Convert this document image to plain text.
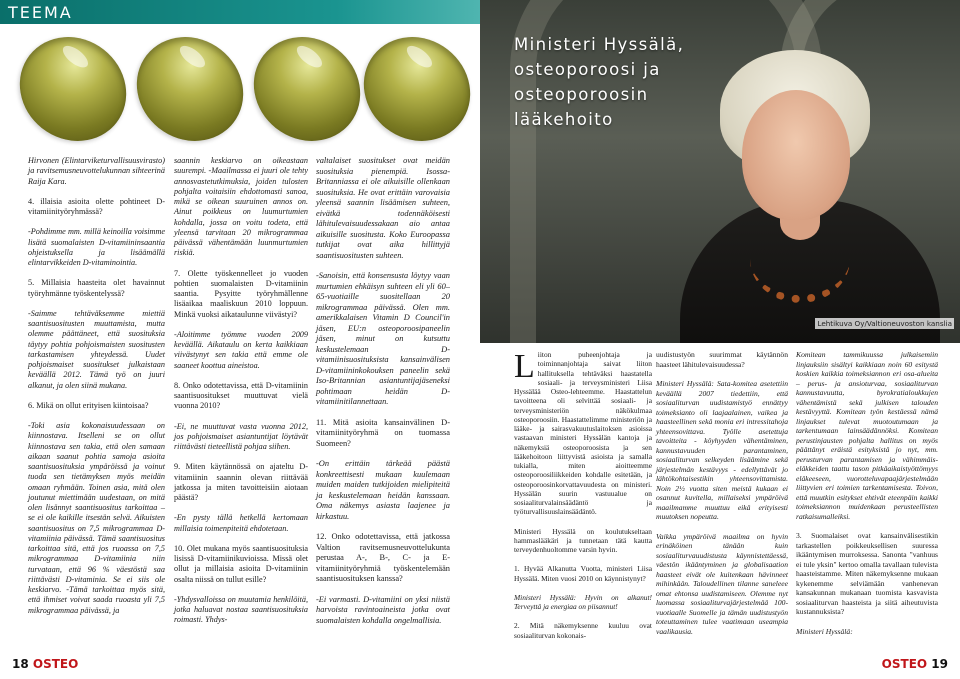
TEEMA

Hirvonen (Elintarviketurvallisuusvirasto) ja ravitsemusneuvottelukunnan sihteerinä Raija Kara.

4. illaisia asioita olette pohtineet D-vitamiinityöryhmässä?

-Pohdimme mm. millä keinoilla voisimme lisätä suomalaisten D-vitamiininsaantia ohjeistuksella ja lisäämällä elintarvikkeiden D-vitaminointia.

5. Millaisia haasteita olet havainnut työryhmänne työskentelyssä?

-Saimme tehtäväksemme miettiä saantisuositusten muuttamista, mutta olemme päättäneet, että suosituksia täytyy pohtia pohjoismaisten suositusten tarkastamisen yhteydessä. Uudet pohjoismaiset suositukset julkaistaan keväällä 2012. Tämä työ on juuri alkanut, ja olen siinä mukana.

6. Mikä on ollut erityisen kiintoisaa?

-Toki asia kokonaisuudessaan on kiinnostava. Itselleni se on ollut kiinnostava sen takia, että olen samaan aikaan saanut pohtia samoja asioita saantisuosituksia ympäröissä ja voinut tuoda sen tietämyksen myös meidän omaan ryhmään. Toinen asia, mitä olen joutunut miettimään uudestaan, on mitä olen lisännyt saantisuositus tarkoittaa – se ei ole kaikille itsestän selvä. Aikuisten saantisuositus on 7,5 mikrogrammaa D-vitamiinia päivässä. Tämä saantisuositus tarkoittaa sitä, että jos ruoassa on 7,5 mikrogrammaa D-vitamiinia niin turvataan, että 96 % väestöstä saa riittävästi D-vitaminia. Se ei siis ole keskiarvo. -Tämä tarkoittaa myös sitä, että ihmiset voivat saada ruoasta yli 7,5 mikrogrammaa päivässä, ja

saannin keskiarvo on oikeastaan suurempi. -Maailmassa ei juuri ole tehty annosvastetutkimuksia, joiden tulosten pohjalta voitaisiin ehdottomasti sanoa, mikä se oikean suuruinen annos on. Ainut poikkeus on luumurtumien kohdalla, jossa on voitu todeta, että yleensä tarvitaan 20 mikrogrammaa päivässä vähentämään luunmurtumien riskiä.

7. Olette työskennelleet jo vuoden pohtien suomalaisten D-vitamiinin saantia. Pysyitte työryhmällenne lisäaikaa maaliskuun 2010 loppuun. Minkä vuoksi aikataulunne viivästyi?

-Aloitimme työmme vuoden 2009 keväällä. Aikataulu on kerta kaikkiaan viivästynyt sen takia että emme ole saaneet koottua aineistoa.

8. Onko odotettavissa, että D-vitamiinin saantisuositukset muuttuvat vielä vuonna 2010?

-Ei, ne muuttuvat vasta vuonna 2012, jos pohjoismaiset asiantuntijat löytävät riittävästi tieteellistä pohjaa siihen.

9. Miten käytännössä on ajateltu D-vitamiinin saannin olevan riittävää jatkossa ja miten tavoitteisiin aiotaan päästä?

-En pysty tällä hetkellä kertomaan millaisia toimenpiteitä ehdotetaan.

10. Olet mukana myös saantisuosituksia lisissä D-vitamiinikuvioissa. Missä olet ollut ja millaisia asioita D-vitamiinin osalta niissä on tullut esille?

-Yhdysvalloissa on muutamia henkilöitä, jotka haluavat nostaa saantisuosituksia roimasti. Yhdys-

valtalaiset suositukset ovat meidän suosituksia pienempiä. Isossa-Britanniassa ei ole aikuisille ollenkaan suosituksia. He ovat erittäin varovaisia yleensä saannin lisäämisen suhteen, eivätkä todennäköisesti lähitulevaisuudessakaan aio antaa aikuisille suositusta. Koko Euroopassa tutkijat ovat aika hillittyjä saantisuositusten suhteen.

-Sanoisin, että konsensusta löytyy vaan murtumien ehkäisyn suhteen eli yli 60–65-vuotiaille suositellaan 20 mikrogrammaa päivässä. Olen mm. amerikkalaisen Vitamin D Council'in jäsen, EU:n osteoporoosipaneelin jäsen, minut on kutsuttu keskustelemaan D-vitamiinisuosituksista kansainvälisen D-vitamiininkokouksen paneelin sekä Iso-Britannian asiantuntijajäseneksi pohtimaan heidän D-vitamiinitilannettaan.

11. Mitä asioita kansainvälinen D-vitamiinityöryhmä on tuomassa Suomeen?

-On erittäin tärkeää päästä konkreettisesti mukaan kuulemaan muiden maiden tutkijoiden mielipiteitä ja keskustelemaan heidän kanssaan. Oma näkemys asiasta laajenee ja kirkastuu.

12. Onko odotettavissa, että jatkossa Valtion ravitsemusneuvottelukunta perustaa A-, B-, C- ja E-vitamiinityöryhmiä työskentelemään saantisuosituksen kanssa?

-Ei varmasti. D-vitamiini on yksi niistä harvoista ravintoaineista jotka ovat suomalaisten kohdalla ongelmallisia.

18 OSTEO
Ministeri Hyssälä,
osteoporoosi ja
osteoporoosin
lääkehoito
Lehtikuva Oy/Valtioneuvoston kanslia

Liiton puheenjohtaja ja toiminnanjohtaja saivat liiton hallituksella tehtäväksi haastatella sosiaali- ja terveysministeri Liisa Hyssälää Osteo-lehteemme. Haastattelun tavoitteena oli selvittää sosiaali- ja terveysministeriön näkökulmaa osteoporoosiin. Haastattelimme ministeriön ja lääke- ja sairasvakuutuslaitoksen asioissa vastaavan ministeri Hyssälän kantoja ja näkemyksiä osteoporoosista ja sen lääkehoitoon liittyvistä asioista ja samalla tukialla, miten aioitteemme osteoporoosiliikkeiden kohdalle esitetään, ja osteoporoosinkorvattavuudesta on ministeri. Hyssälän suurin vastuualue on sosiaaliturvalainsäädäntö ja työturvallisuuslainsäädäntö.

Ministeri Hyssälä on koulutukseltaan hammaslääkäri ja tunnetaan tätä kautta terveydenhuoltomme varsin hyvin.

1. Hyvää Alkanutta Vuotta, ministeri Liisa Hyssälä. Miten vuosi 2010 on käynnistynyt?

Ministeri Hyssälä: Hyvin on alkanut! Terveyttä ja energiaa on piisannut!

2. Mitä näkemyksenne kuuluu ovat sosiaaliturvan kokonais-

uudistustyön suurimmat käytännön haasteet lähitulevaisuudessa?

Ministeri Hyssälä: Sata-komitea asetettiin keväällä 2007 tiedettiin, että sosiaaliturvan uudistamistyö ennättyy toimeksianto oli laajaalainen, vaikea ja haasteellinen sekä monia eri intressitahoja yhteensovittava. Työlle asetettuja tavoitteita - köyhyyden vähentäminen, kannustavuuden parantaminen, sosiaaliturvan selkeyden lisäämine sekä järjestelmän kestävyys - edellyttävät jo lähtökohtaisestikin yhteensovittamista. Noin 2½ vuotta siten meistä kukaan ei osannut kuvitella, millaiseksi ympäröivä maailmamme muuttuu eikä erityisesti muutoksen nopeutta.

Vaikka ympäröivä maailma on hyvin erinäköinen tänään kuin sosiaaliturvauudistusta käynnistettäessä, väestön ikääntyminen ja globalisaation haasteet eivät ole kuitenkaan hävinneet mihinkään. Taloudellinen tilanne saneleee omat ehtonsa uudistamiseen. Olemme nyt luomassa sosiaaliturvajärjestelmää 100-vuotiaalle Suomelle ja tämän uudistustyön toteuttaminen tulee vaatimaan useampia vaalikausia.

Komitean tammikuussa julkaisemiin linjauksiin sisältyi kaikkiaan noin 60 esitystä koskien kaikkia toimeksiannon eri osa-alueita – perus- ja ansioturvaa, sosiaaliturvan kannustavuutta, byrokratialoukkujen vähentämistä sekä julkisen talouden kestävyyttä. Komitean työn kestäessä nämä linjaukset tulevat muotoutumaan ja tarkentumaan lainsäädännöksi. Komitean perustinjausten pohjalta hallitus on myös päättänyt eräistä esityksistä jo nyt, mm. perusturvan parantamisen ja vähimmäis-eläkkeiden taattu tason pitkäaikaistyöttömyys eläkeeseen, vuorotteluvapaajärjestelmään liittyvien eri toimien tarkentamisesta. Toivon, että muutkin esitykset ehtivät eteenpäin kaikki toimeksiannon muidenkaan perusteellisten ratkaisumalleiksi.

3. Suomalaiset ovat kansainvälisestikin tarkastellen poikkeuksellisen suuressa ikääntymisen murroksessa. Sanonta "vanhuus ei tule yksin" kertoo omalla tavallaan tulevista haasteistamme. Miten näkemyksenne mukaan kykenemme selviämään vanhenevan kansakunnan mukanaan tuomista kasvavista sosiaaliturvan haasteista ja siitä aiheutuvista kustannuksista?

Ministeri Hyssälä:

OSTEO 19
